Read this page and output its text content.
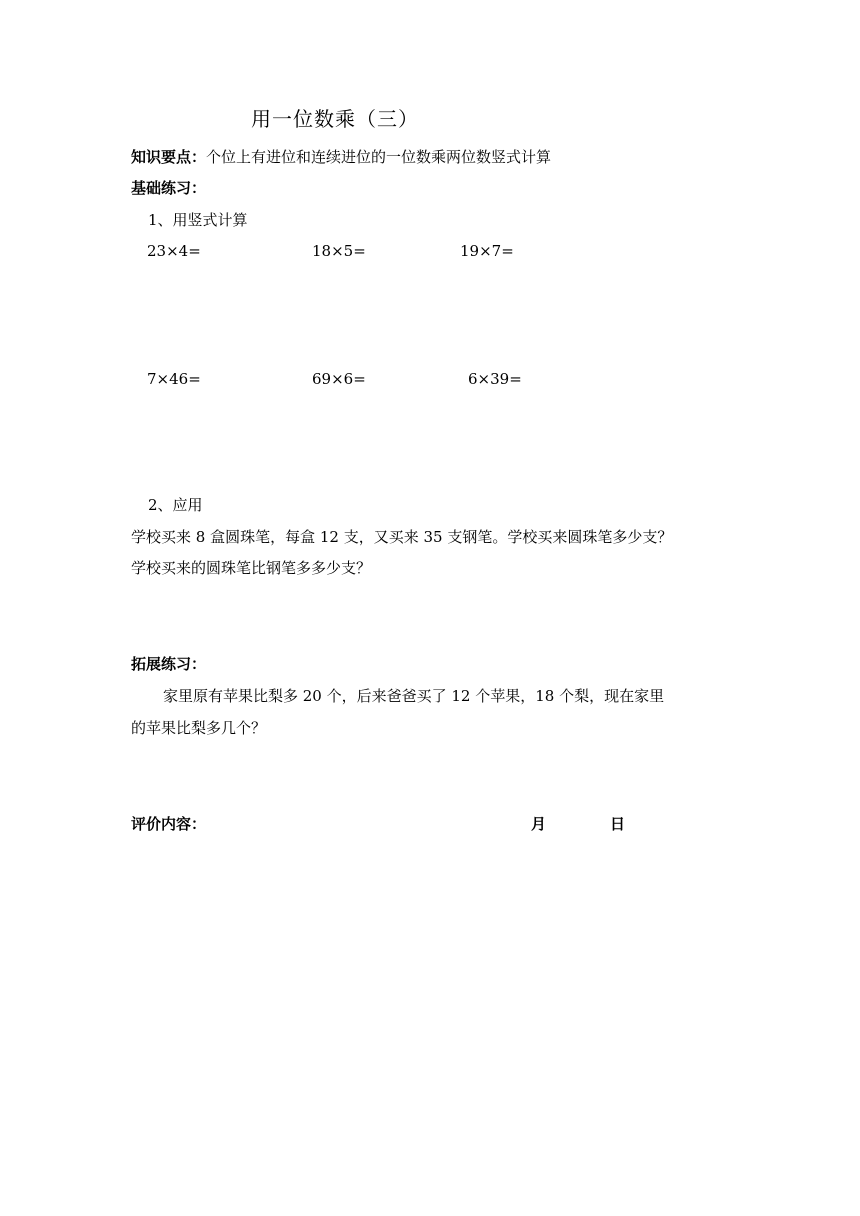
用一位数乘（三）
知识要点：个位上有进位和连续进位的一位数乘两位数竖式计算
基础练习：
1、用竖式计算
23×4=	18×5=	19×7=
7×46=	69×6=	6×39=
2、应用
学校买来 8 盒圆珠笔，每盒 12 支，又买来 35 支钢笔。学校买来圆珠笔多少支？
学校买来的圆珠笔比钢笔多多少支？
拓展练习：
家里原有苹果比梨多 20 个，后来爸爸买了 12 个苹果，18 个梨，现在家里
的苹果比梨多几个？
评价内容：	月	日
